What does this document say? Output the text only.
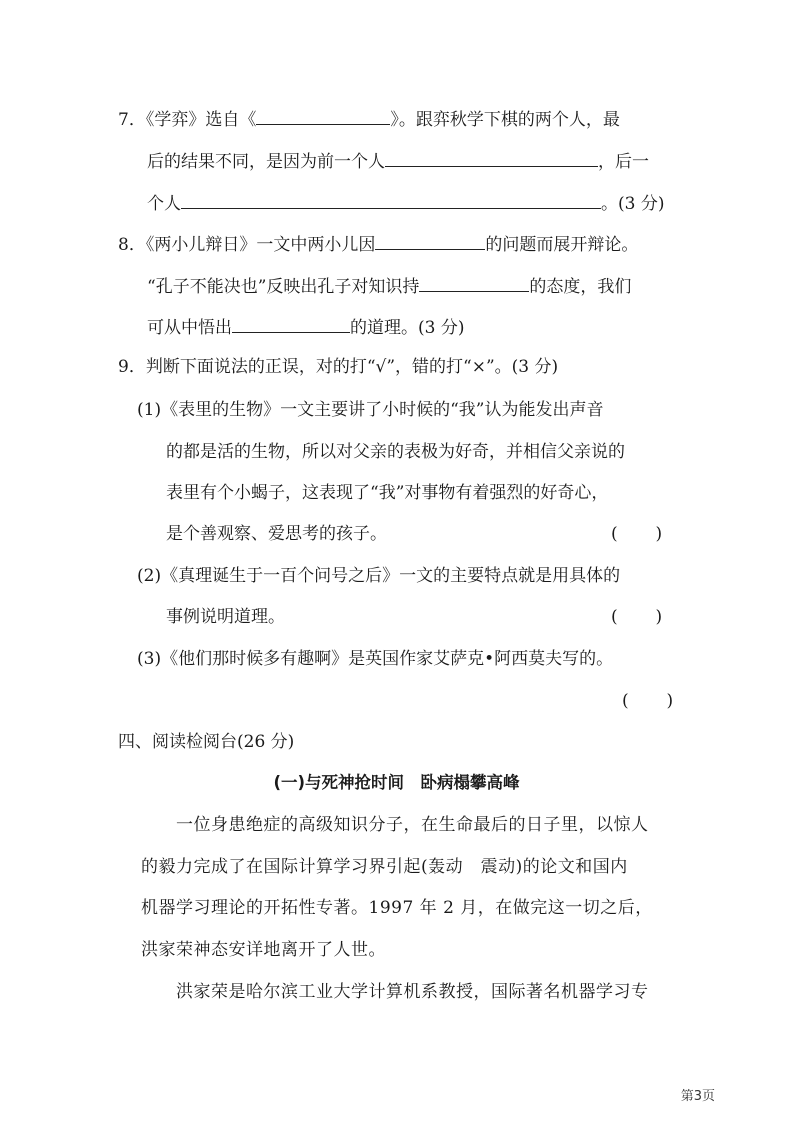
7．《学弈》选自《	》。跟弈秋学下棋的两个人，最
后的结果不同，是因为前一个人	，后一
个人	。(3 分)
8．《两小儿辩日》一文中两小儿因	的问题而展开辩论。
“孔子不能决也”反映出孔子对知识持	的态度，我们
可从中悟出	的道理。(3 分)
9．判断下面说法的正误，对的打“√”，错的打“×”。(3 分)
(1)《表里的生物》一文主要讲了小时候的“我”认为能发出声音
的都是活的生物，所以对父亲的表极为好奇，并相信父亲说的
表里有个小蝎子，这表现了“我”对事物有着强烈的好奇心，
是个善观察、爱思考的孩子。	(       )
(2)《真理诞生于一百个问号之后》一文的主要特点就是用具体的
事例说明道理。	(       )
(3)《他们那时候多有趣啊》是英国作家艾萨克•阿西莫夫写的。
(       )
四、阅读检阅台(26 分)
(一)与死神抢时间　卧病榻攀高峰
一位身患绝症的高级知识分子，在生命最后的日子里，以惊人
的毅力完成了在国际计算学习界引起(轰动　震动)的论文和国内
机器学习理论的开拓性专著。1997 年 2 月，在做完这一切之后，
洪家荣神态安详地离开了人世。
洪家荣是哈尔滨工业大学计算机系教授，国际著名机器学习专
第3页
